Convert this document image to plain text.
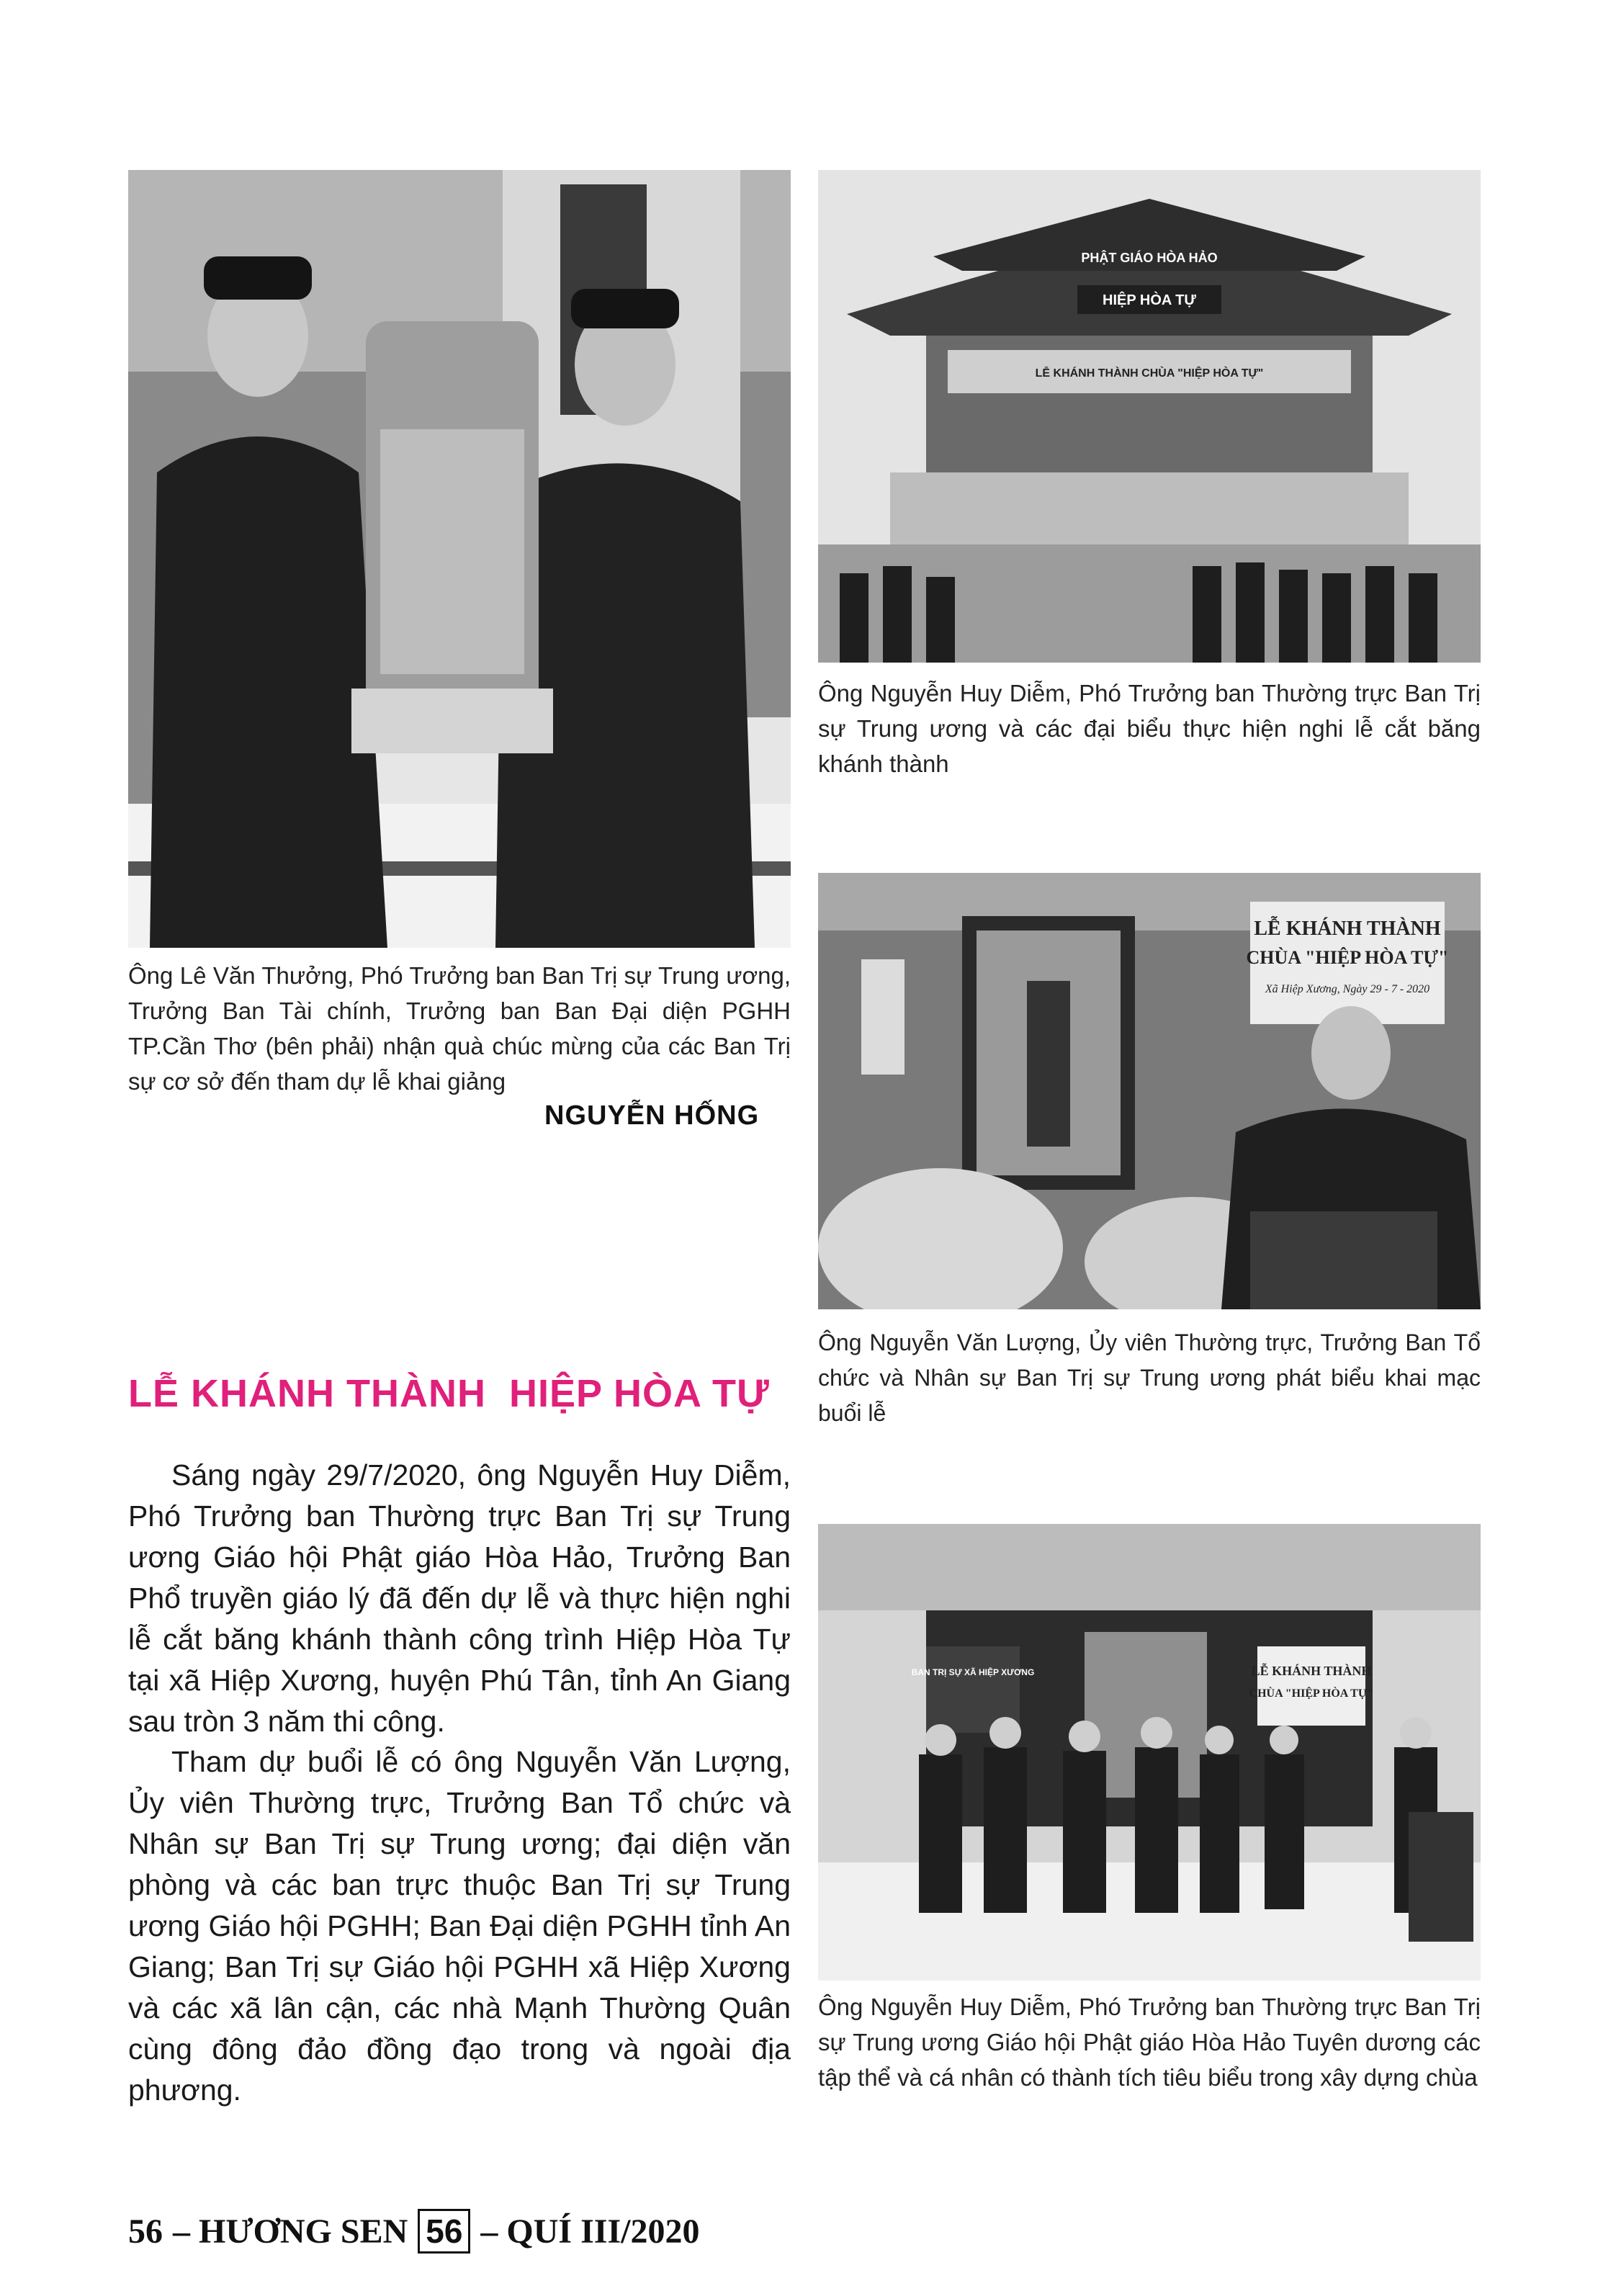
PHẬT GIÁO HÒA HẢO
HIỆP HÒA TỰ
LỄ KHÁNH THÀNH CHÙA "HIỆP HÒA TỰ"
Ông Nguyễn Huy Diễm, Phó Trưởng ban Thường trực Ban Trị sự Trung ương và các đại biểu thực hiện nghi lễ cắt băng khánh thành
Ông Lê Văn Thưởng, Phó Trưởng ban Ban Trị sự Trung ương, Trưởng Ban Tài chính, Trưởng ban Ban Đại diện PGHH TP.Cần Thơ (bên phải) nhận quà chúc mừng của các Ban Trị sự cơ sở đến tham dự lễ khai giảng
NGUYỄN HỐNG
LỄ KHÁNH THÀNH
CHÙA "HIỆP HÒA TỰ"
Xã Hiệp Xương, Ngày 29 - 7 - 2020
Ông Nguyễn Văn Lượng, Ủy viên Thường trực, Trưởng Ban Tổ chức và Nhân sự Ban Trị sự Trung ương phát biểu khai mạc buổi lễ
LỄ KHÁNH THÀNH  HIỆP HÒA TỰ

Sáng ngày 29/7/2020, ông Nguyễn Huy Diễm, Phó Trưởng ban Thường trực Ban Trị sự Trung ương Giáo hội Phật giáo Hòa Hảo, Trưởng Ban Phổ truyền giáo lý đã đến dự lễ và thực hiện nghi lễ cắt băng khánh thành công trình Hiệp Hòa Tự tại xã Hiệp Xương, huyện Phú Tân, tỉnh An Giang sau tròn 3 năm thi công.

Tham dự buổi lễ có ông Nguyễn Văn Lượng, Ủy viên Thường trực, Trưởng Ban Tổ chức và Nhân sự Ban Trị sự Trung ương; đại diện văn phòng và các ban trực thuộc Ban Trị sự Trung ương Giáo hội PGHH; Ban Đại diện PGHH tỉnh An Giang; Ban Trị sự Giáo hội PGHH xã Hiệp Xương và các xã lân cận, các nhà Mạnh Thường Quân cùng đông đảo đồng đạo trong và ngoài địa phương.

BAN TRỊ SỰ XÃ HIỆP XƯƠNG	LỄ KHÁNH THÀNH
CHÙA "HIỆP HÒA TỰ"
Ông Nguyễn Huy Diễm, Phó Trưởng ban Thường trực Ban Trị sự Trung ương Giáo hội Phật giáo Hòa Hảo Tuyên dương các tập thể và cá nhân có thành tích tiêu biểu trong xây dựng chùa
56 – HƯƠNG SEN 56 – QUÍ III/2020
